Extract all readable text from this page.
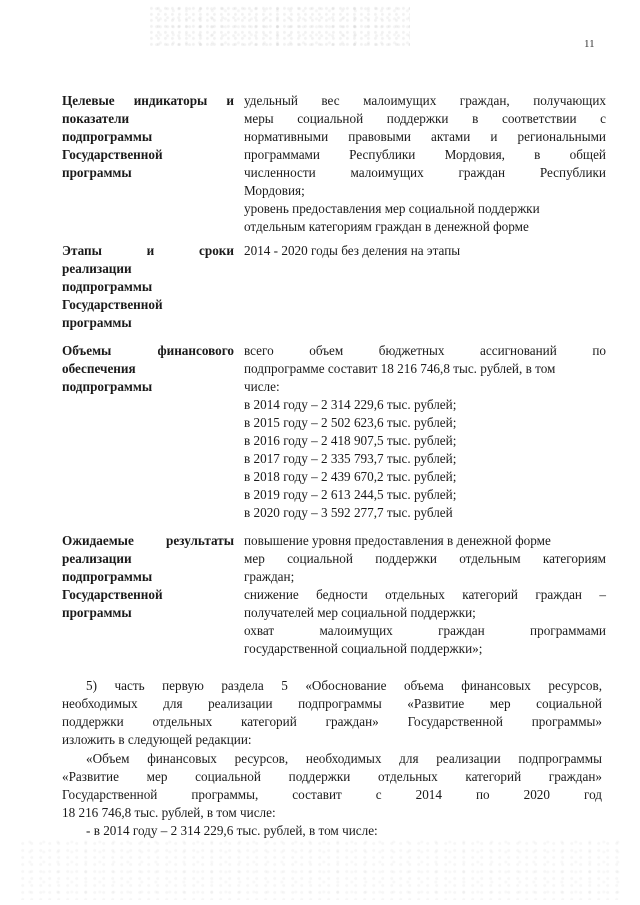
11
Целевые индикаторы и
показатели
подпрограммы
Государственной
программы
удельный вес малоимущих граждан, получающих
меры социальной поддержки в соответствии с
нормативными правовыми актами и региональными
программами Республики Мордовия, в общей
численности малоимущих граждан Республики
Мордовия;
уровень предоставления мер социальной поддержки
отдельным категориям граждан в денежной форме
Этапы и сроки
реализации
подпрограммы
Государственной
программы
2014 - 2020 годы без деления на этапы
Объемы финансового
обеспечения
подпрограммы
всего объем бюджетных ассигнований по
подпрограмме составит 18 216 746,8 тыс. рублей, в том
числе:
в 2014 году – 2 314 229,6 тыс. рублей;
в 2015 году – 2 502 623,6 тыс. рублей;
в 2016 году – 2 418 907,5 тыс. рублей;
в 2017 году – 2 335 793,7 тыс. рублей;
в 2018 году – 2 439 670,2 тыс. рублей;
в 2019 году – 2 613 244,5 тыс. рублей;
в 2020 году – 3 592 277,7 тыс. рублей
Ожидаемые результаты
реализации
подпрограммы
Государственной
программы
повышение уровня предоставления в денежной форме
мер социальной поддержки отдельным категориям
граждан;
снижение бедности отдельных категорий граждан –
получателей мер социальной поддержки;
охват малоимущих граждан программами
государственной социальной поддержки»;
5) часть первую раздела 5 «Обоснование объема финансовых ресурсов,
необходимых для реализации подпрограммы «Развитие мер социальной
поддержки отдельных категорий граждан» Государственной программы»
изложить в следующей редакции:
«Объем финансовых ресурсов, необходимых для реализации подпрограммы
«Развитие мер социальной поддержки отдельных категорий граждан»
Государственной программы, составит с 2014 по 2020 год
18 216 746,8 тыс. рублей, в том числе:
- в 2014 году – 2 314 229,6 тыс. рублей, в том числе:
